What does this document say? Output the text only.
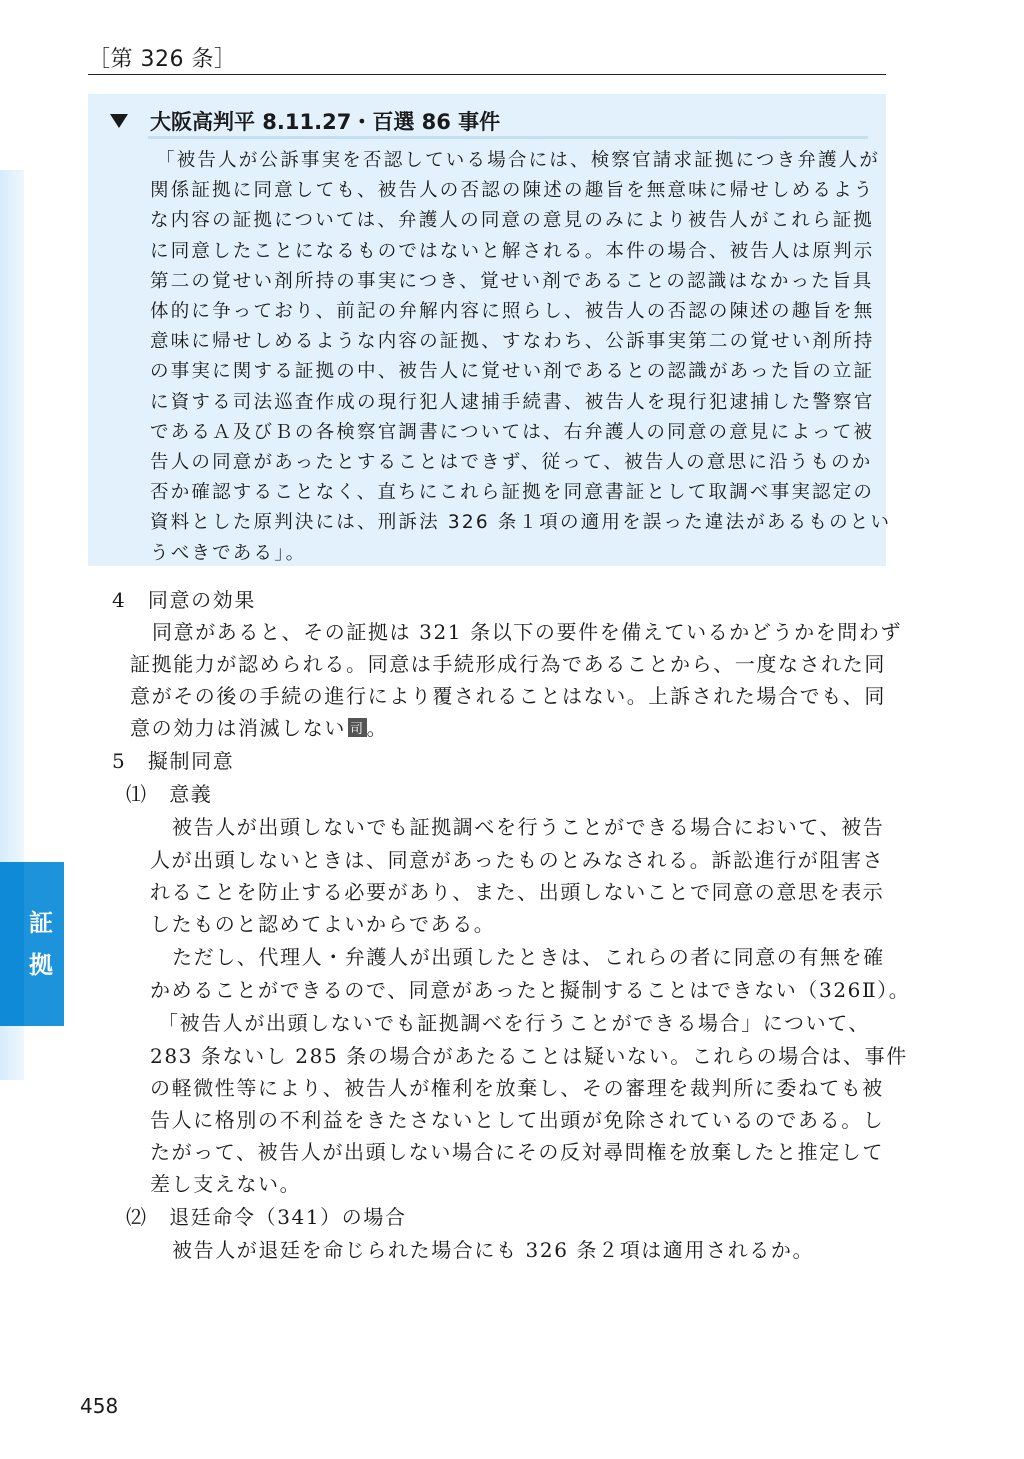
［第 326 条］
証
拠
大阪高判平 8.11.27・百選 86 事件
「被告人が公訴事実を否認している場合には、検察官請求証拠につき弁護人が
関係証拠に同意しても、被告人の否認の陳述の趣旨を無意味に帰せしめるよう
な内容の証拠については、弁護人の同意の意見のみにより被告人がこれら証拠
に同意したことになるものではないと解される。本件の場合、被告人は原判示
第二の覚せい剤所持の事実につき、覚せい剤であることの認識はなかった旨具
体的に争っており、前記の弁解内容に照らし、被告人の否認の陳述の趣旨を無
意味に帰せしめるような内容の証拠、すなわち、公訴事実第二の覚せい剤所持
の事実に関する証拠の中、被告人に覚せい剤であるとの認識があった旨の立証
に資する司法巡査作成の現行犯人逮捕手続書、被告人を現行犯逮捕した警察官
であるＡ及びＢの各検察官調書については、右弁護人の同意の意見によって被
告人の同意があったとすることはできず、従って、被告人の意思に沿うものか
否か確認することなく、直ちにこれら証拠を同意書証として取調べ事実認定の
資料とした原判決には、刑訴法 326 条１項の適用を誤った違法があるものとい
うべきである」。
4　同意の効果
同意があると、その証拠は 321 条以下の要件を備えているかどうかを問わず
証拠能力が認められる。同意は手続形成行為であることから、一度なされた同
意がその後の手続の進行により覆されることはない。上訴された場合でも、同
意の効力は消滅しない 司 。
5　擬制同意
⑴　意義
被告人が出頭しないでも証拠調べを行うことができる場合において、被告
人が出頭しないときは、同意があったものとみなされる。訴訟進行が阻害さ
れることを防止する必要があり、また、出頭しないことで同意の意思を表示
したものと認めてよいからである。
ただし、代理人・弁護人が出頭したときは、これらの者に同意の有無を確
かめることができるので、同意があったと擬制することはできない（326Ⅱ）。
「被告人が出頭しないでも証拠調べを行うことができる場合」について、
283 条ないし 285 条の場合があたることは疑いない。これらの場合は、事件
の軽微性等により、被告人が権利を放棄し、その審理を裁判所に委ねても被
告人に格別の不利益をきたさないとして出頭が免除されているのである。し
たがって、被告人が出頭しない場合にその反対尋問権を放棄したと推定して
差し支えない。
⑵　退廷命令（341）の場合
被告人が退廷を命じられた場合にも 326 条２項は適用されるか。
458
